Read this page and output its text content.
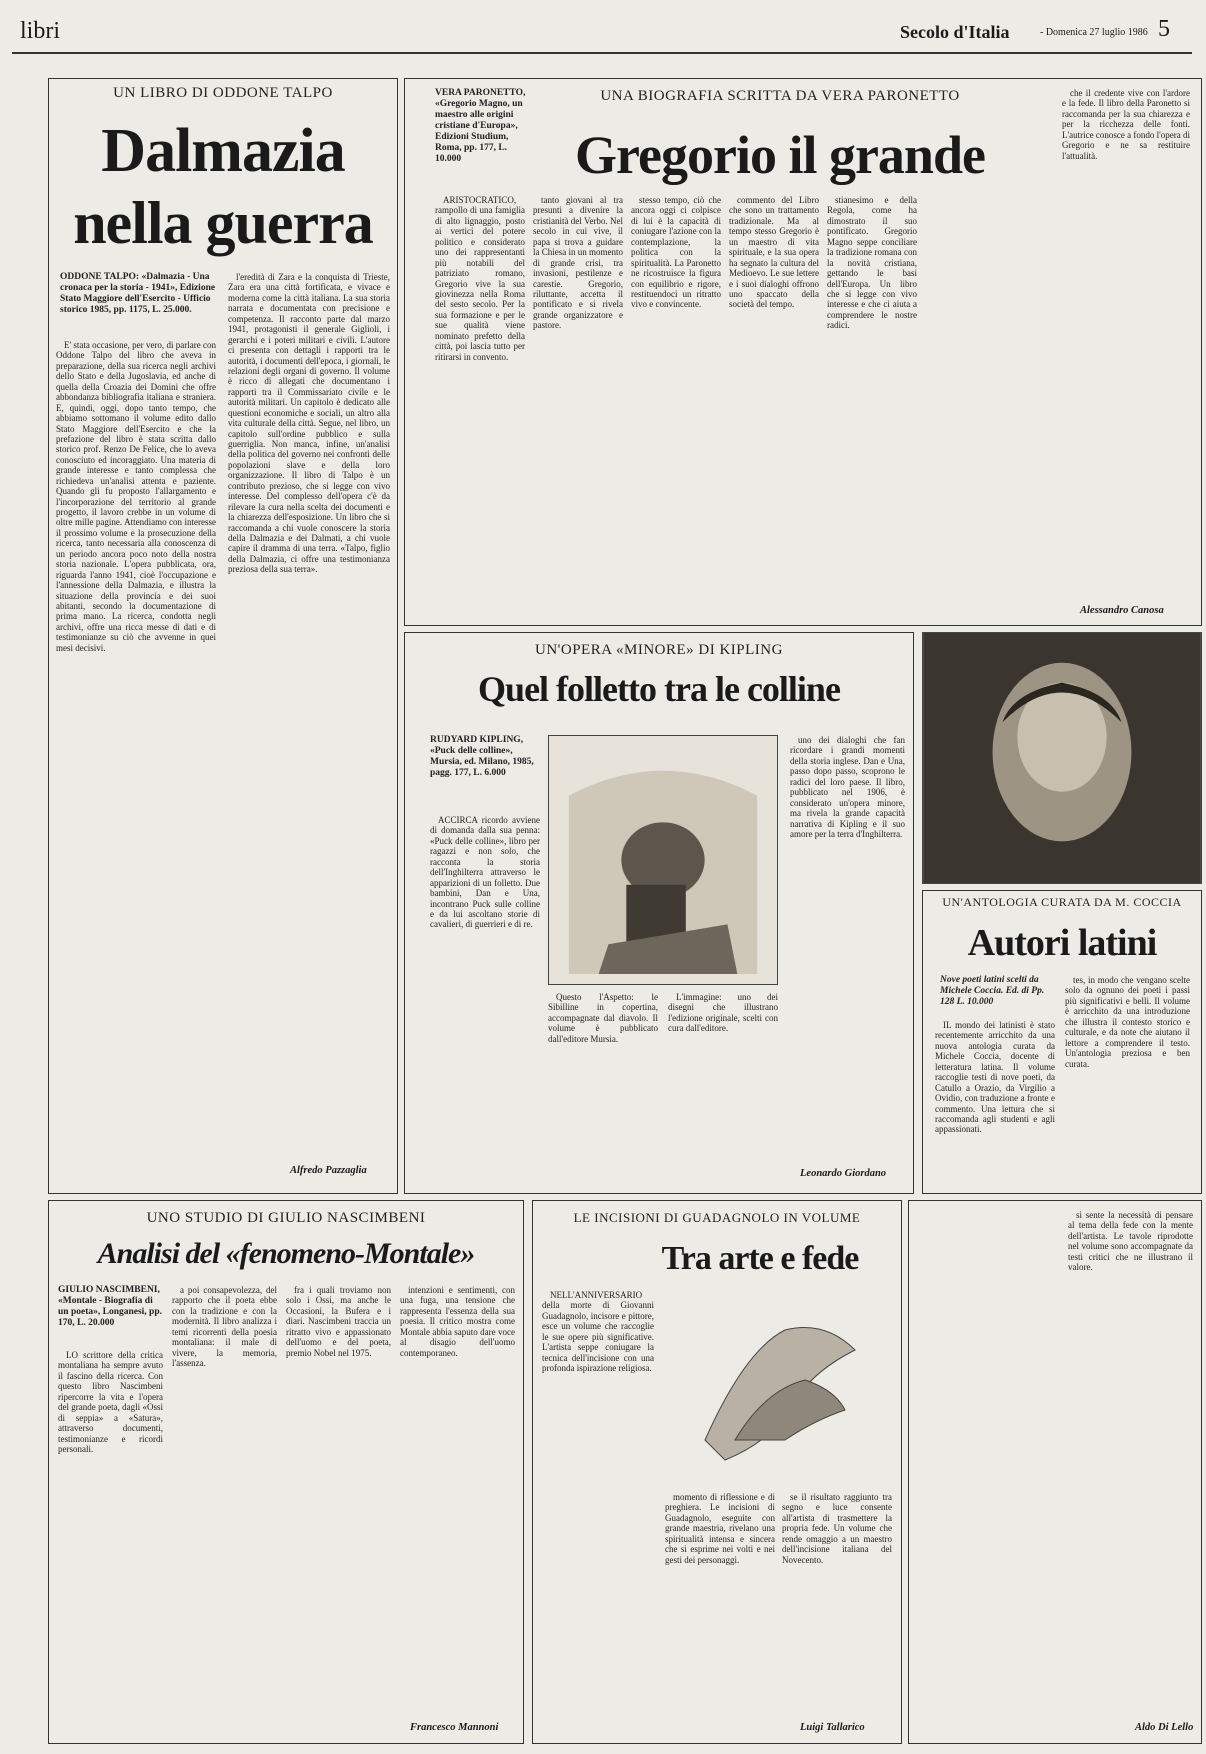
libri	Secolo d'Italia	- Domenica 27 luglio 1986 5
UN LIBRO DI ODDONE TALPO
Dalmazia
nella guerra
ODDONE TALPO: «Dalmazia - Una cronaca per la storia - 1941», Edizione Stato Maggiore dell'Esercito - Ufficio storico 1985, pp. 1175, L. 25.000.

E' stata occasione, per vero, di parlare con Oddone Talpo del libro che aveva in preparazione, della sua ricerca negli archivi dello Stato e della Jugoslavia, ed anche di quella della Croazia dei Domini che offre abbondanza bibliografia italiana e straniera. E, quindi, oggi, dopo tanto tempo, che abbiamo sottomano il volume edito dallo Stato Maggiore dell'Esercito e che la prefazione del libro è stata scritta dallo storico prof. Renzo De Felice, che lo aveva conosciuto ed incoraggiato. Una materia di grande interesse e tanto complessa che richiedeva un'analisi attenta e paziente. Quando gli fu proposto l'allargamento e l'incorporazione del territorio al grande progetto, il lavoro crebbe in un volume di oltre mille pagine. Attendiamo con interesse il prossimo volume e la prosecuzione della ricerca, tanto necessaria alla conoscenza di un periodo ancora poco noto della nostra storia nazionale. L'opera pubblicata, ora, riguarda l'anno 1941, cioè l'occupazione e l'annessione della Dalmazia, e illustra la situazione della provincia e dei suoi abitanti, secondo la documentazione di prima mano. La ricerca, condotta negli archivi, offre una ricca messe di dati e di testimonianze su ciò che avvenne in quei mesi decisivi.

l'eredità di Zara e la conquista di Trieste, Zara era una città fortificata, e vivace e moderna come la città italiana. La sua storia narrata e documentata con precisione e competenza. Il racconto parte dal marzo 1941, protagonisti il generale Giglioli, i gerarchi e i poteri militari e civili. L'autore ci presenta con dettagli i rapporti tra le autorità, i documenti dell'epoca, i giornali, le relazioni degli organi di governo. Il volume è ricco di allegati che documentano i rapporti tra il Commissariato civile e le autorità militari. Un capitolo è dedicato alle questioni economiche e sociali, un altro alla vita culturale della città. Segue, nel libro, un capitolo sull'ordine pubblico e sulla guerriglia. Non manca, infine, un'analisi della politica del governo nei confronti delle popolazioni slave e della loro organizzazione. Il libro di Talpo è un contributo prezioso, che si legge con vivo interesse. Del complesso dell'opera c'è da rilevare la cura nella scelta dei documenti e la chiarezza dell'esposizione. Un libro che si raccomanda a chi vuole conoscere la storia della Dalmazia e dei Dalmati, a chi vuole capire il dramma di una terra. «Talpo, figlio della Dalmazia, ci offre una testimonianza preziosa della sua terra».

Alfredo Pazzaglia
UNA BIOGRAFIA SCRITTA DA VERA PARONETTO
Gregorio il grande
VERA PARONETTO, «Gregorio Magno, un maestro alle origini cristiane d'Europa», Edizioni Studium, Roma, pp. 177, L. 10.000

ARISTOCRATICO, rampollo di una famiglia di alto lignaggio, posto ai vertici del potere politico e considerato uno dei rappresentanti più notabili del patriziato romano, Gregorio vive la sua giovinezza nella Roma del sesto secolo. Per la sua formazione e per le sue qualità viene nominato prefetto della città, poi lascia tutto per ritirarsi in convento.

tanto giovani al tra presunti a divenire la cristianità del Verbo. Nel secolo in cui vive, il papa si trova a guidare la Chiesa in un momento di grande crisi, tra invasioni, pestilenze e carestie. Gregorio, riluttante, accetta il pontificato e si rivela grande organizzatore e pastore.

stesso tempo, ciò che ancora oggi ci colpisce di lui è la capacità di coniugare l'azione con la contemplazione, la politica con la spiritualità. La Paronetto ne ricostruisce la figura con equilibrio e rigore, restituendoci un ritratto vivo e convincente.

commento del Libro che sono un trattamento tradizionale. Ma al tempo stesso Gregorio è un maestro di vita spirituale, e la sua opera ha segnato la cultura del Medioevo. Le sue lettere e i suoi dialoghi offrono uno spaccato della società del tempo.

stianesimo e della Regola, come ha dimostrato il suo pontificato. Gregorio Magno seppe conciliare la tradizione romana con la novità cristiana, gettando le basi dell'Europa. Un libro che si legge con vivo interesse e che ci aiuta a comprendere le nostre radici.

che il credente vive con l'ardore e la fede. Il libro della Paronetto si raccomanda per la sua chiarezza e per la ricchezza delle fonti. L'autrice conosce a fondo l'opera di Gregorio e ne sa restituire l'attualità.

Alessandro Canosa
UN'OPERA «MINORE» DI KIPLING
Quel folletto tra le colline
RUDYARD KIPLING, «Puck delle colline», Mursia, ed. Milano, 1985, pagg. 177, L. 6.000

ACCIRCA ricordo avviene di domanda dalla sua penna: «Puck delle colline», libro per ragazzi e non solo, che racconta la storia dell'Inghilterra attraverso le apparizioni di un folletto. Due bambini, Dan e Una, incontrano Puck sulle colline e da lui ascoltano storie di cavalieri, di guerrieri e di re.

Questo l'Aspetto: le Sibilline in copertina, accompagnate dal diavolo. Il volume è pubblicato dall'editore Mursia.

L'immagine: uno dei disegni che illustrano l'edizione originale, scelti con cura dall'editore.

uno dei dialoghi che fan ricordare i grandi momenti della storia inglese. Dan e Una, passo dopo passo, scoprono le radici del loro paese. Il libro, pubblicato nel 1906, è considerato un'opera minore, ma rivela la grande capacità narrativa di Kipling e il suo amore per la terra d'Inghilterra.

Leonardo Giordano
UN'ANTOLOGIA CURATA DA M. COCCIA
Autori latini
Nove poeti latini scelti da Michele Coccia. Ed. di Pp. 128 L. 10.000

IL mondo dei latinisti è stato recentemente arricchito da una nuova antologia curata da Michele Coccia, docente di letteratura latina. Il volume raccoglie testi di nove poeti, da Catullo a Orazio, da Virgilio a Ovidio, con traduzione a fronte e commento. Una lettura che si raccomanda agli studenti e agli appassionati.

tes, in modo che vengano scelte solo da ognuno dei poeti i passi più significativi e belli. Il volume è arricchito da una introduzione che illustra il contesto storico e culturale, e da note che aiutano il lettore a comprendere il testo. Un'antologia preziosa e ben curata.

UNO STUDIO DI GIULIO NASCIMBENI
Analisi del «fenomeno-Montale»
GIULIO NASCIMBENI, «Montale - Biografia di un poeta», Longanesi, pp. 170, L. 20.000

LO scrittore della critica montaliana ha sempre avuto il fascino della ricerca. Con questo libro Nascimbeni ripercorre la vita e l'opera del grande poeta, dagli «Ossi di seppia» a «Satura», attraverso documenti, testimonianze e ricordi personali.

a poi consapevolezza, del rapporto che il poeta ebbe con la tradizione e con la modernità. Il libro analizza i temi ricorrenti della poesia montaliana: il male di vivere, la memoria, l'assenza.

fra i quali troviamo non solo i Ossi, ma anche le Occasioni, la Bufera e i diari. Nascimbeni traccia un ritratto vivo e appassionato dell'uomo e del poeta, premio Nobel nel 1975.

intenzioni e sentimenti, con una fuga, una tensione che rappresenta l'essenza della sua poesia. Il critico mostra come Montale abbia saputo dare voce al disagio dell'uomo contemporaneo.

Francesco Mannoni
LE INCISIONI DI GUADAGNOLO IN VOLUME
Tra arte e fede

NELL'ANNIVERSARIO della morte di Giovanni Guadagnolo, incisore e pittore, esce un volume che raccoglie le sue opere più significative. L'artista seppe coniugare la tecnica dell'incisione con una profonda ispirazione religiosa.

momento di riflessione e di preghiera. Le incisioni di Guadagnolo, eseguite con grande maestria, rivelano una spiritualità intensa e sincera che si esprime nei volti e nei gesti dei personaggi.

se il risultato raggiunto tra segno e luce consente all'artista di trasmettere la propria fede. Un volume che rende omaggio a un maestro dell'incisione italiana del Novecento.

Luigi Tallarico

si sente la necessità di pensare al tema della fede con la mente dell'artista. Le tavole riprodotte nel volume sono accompagnate da testi critici che ne illustrano il valore.

Aldo Di Lello
